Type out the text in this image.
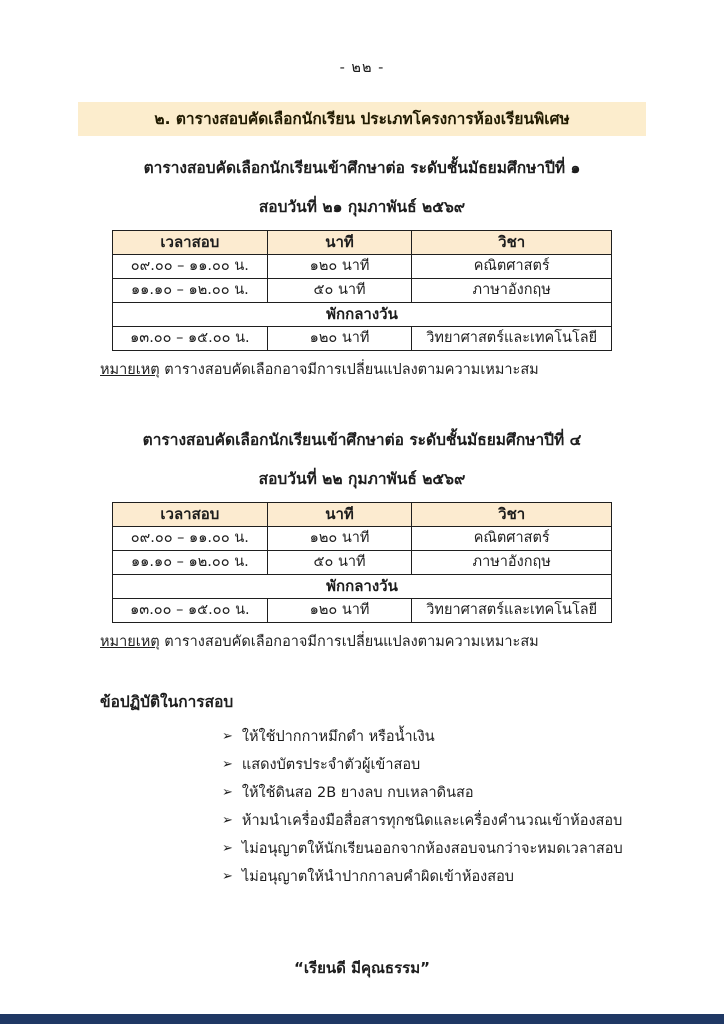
- ๒๒ -
๒. ตารางสอบคัดเลือกนักเรียน ประเภทโครงการห้องเรียนพิเศษ
ตารางสอบคัดเลือกนักเรียนเข้าศึกษาต่อ ระดับชั้นมัธยมศึกษาปีที่ ๑
สอบวันที่ ๒๑ กุมภาพันธ์ ๒๕๖๙
เวลาสอบ	นาที	วิชา
๐๙.๐๐ – ๑๑.๐๐ น.	๑๒๐ นาที	คณิตศาสตร์
๑๑.๑๐ – ๑๒.๐๐ น.	๕๐ นาที	ภาษาอังกฤษ
พักกลางวัน		
๑๓.๐๐ – ๑๕.๐๐ น.	๑๒๐ นาที	วิทยาศาสตร์และเทคโนโลยี
หมายเหตุ ตารางสอบคัดเลือกอาจมีการเปลี่ยนแปลงตามความเหมาะสม
ตารางสอบคัดเลือกนักเรียนเข้าศึกษาต่อ ระดับชั้นมัธยมศึกษาปีที่ ๔
สอบวันที่ ๒๒ กุมภาพันธ์ ๒๕๖๙
เวลาสอบ	นาที	วิชา
๐๙.๐๐ – ๑๑.๐๐ น.	๑๒๐ นาที	คณิตศาสตร์
๑๑.๑๐ – ๑๒.๐๐ น.	๕๐ นาที	ภาษาอังกฤษ
พักกลางวัน		
๑๓.๐๐ – ๑๕.๐๐ น.	๑๒๐ นาที	วิทยาศาสตร์และเทคโนโลยี
หมายเหตุ ตารางสอบคัดเลือกอาจมีการเปลี่ยนแปลงตามความเหมาะสม
ข้อปฏิบัติในการสอบ
➢ ให้ใช้ปากกาหมึกดำ หรือน้ำเงิน
➢ แสดงบัตรประจำตัวผู้เข้าสอบ
➢ ให้ใช้ดินสอ 2B ยางลบ กบเหลาดินสอ
➢ ห้ามนำเครื่องมือสื่อสารทุกชนิดและเครื่องคำนวณเข้าห้องสอบ
➢ ไม่อนุญาตให้นักเรียนออกจากห้องสอบจนกว่าจะหมดเวลาสอบ
➢ ไม่อนุญาตให้นำปากกาลบคำผิดเข้าห้องสอบ
“เรียนดี มีคุณธรรม”
